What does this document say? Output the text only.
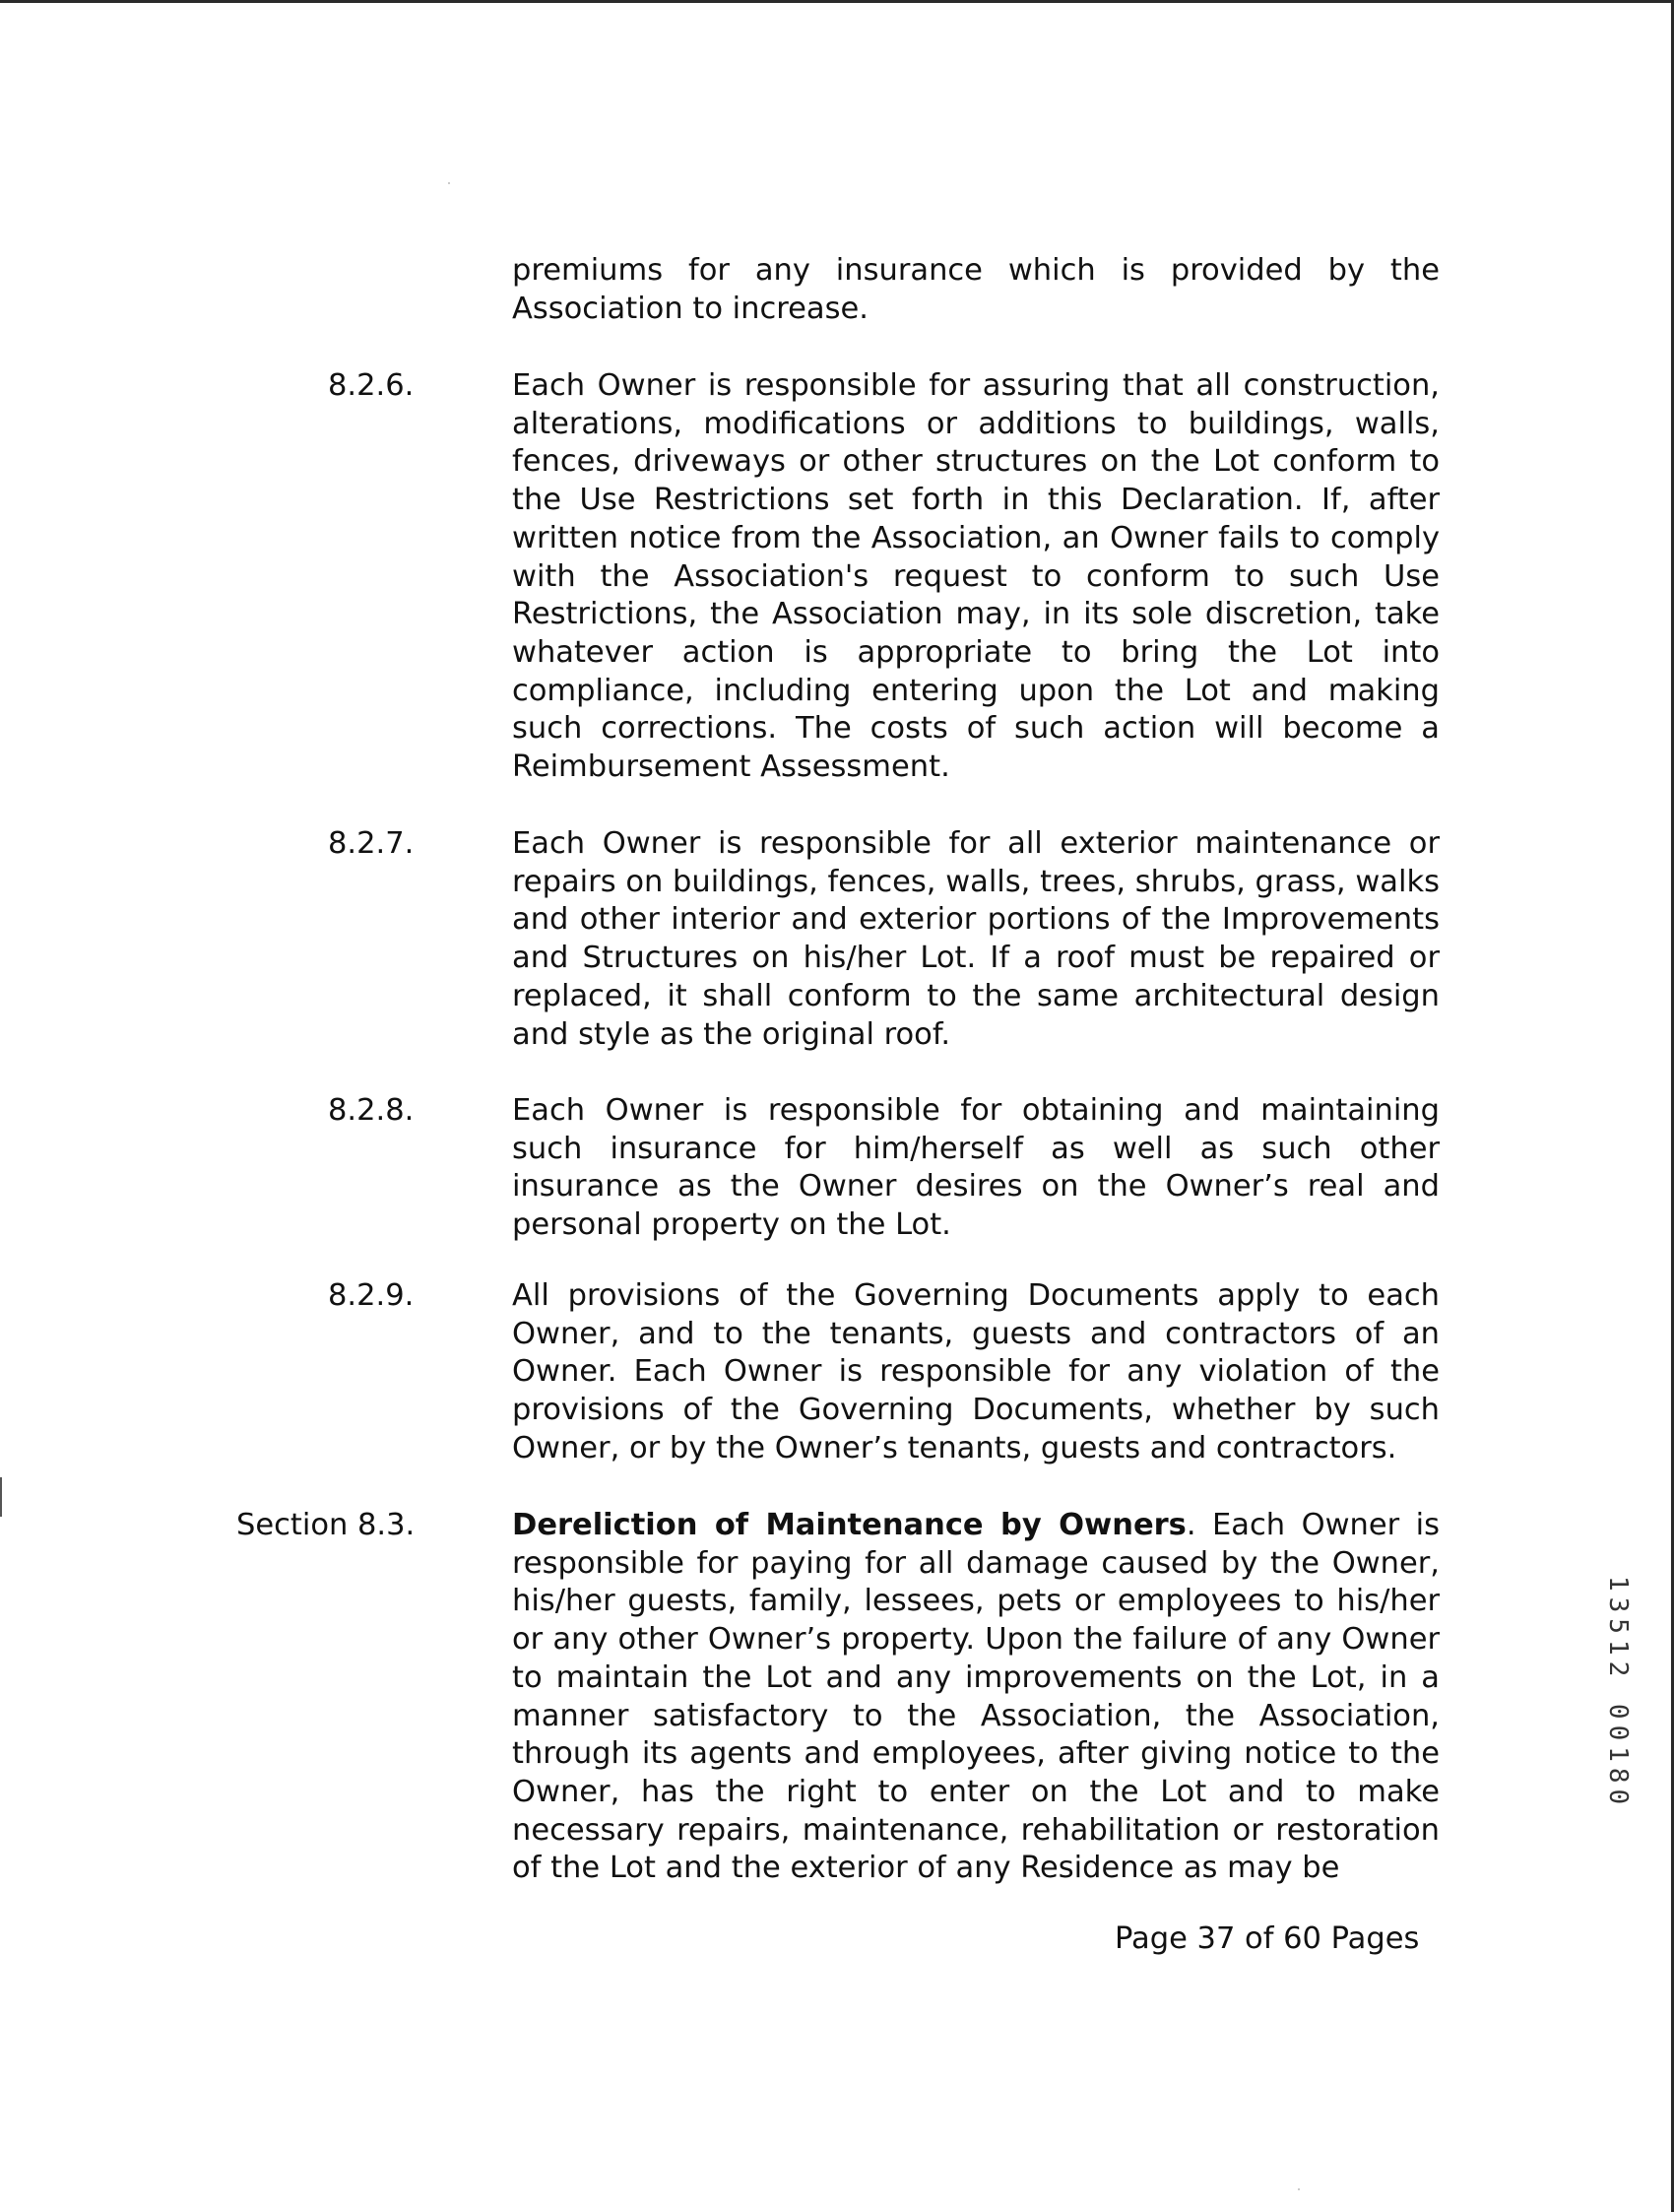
premiums for any insurance which is provided by the Association to increase.

8.2.6.	Each Owner is responsible for assuring that all construction, alterations, modifications or additions to buildings, walls, fences, driveways or other structures on the Lot conform to the Use Restrictions set forth in this Declaration. If, after written notice from the Association, an Owner fails to comply with the Association's request to conform to such Use Restrictions, the Association may, in its sole discretion, take whatever action is appropriate to bring the Lot into compliance, including entering upon the Lot and making such corrections. The costs of such action will become a Reimbursement Assessment.

8.2.7.	Each Owner is responsible for all exterior maintenance or repairs on buildings, fences, walls, trees, shrubs, grass, walks and other interior and exterior portions of the Improvements and Structures on his/her Lot. If a roof must be repaired or replaced, it shall conform to the same architectural design and style as the original roof.

8.2.8.	Each Owner is responsible for obtaining and maintaining such insurance for him/herself as well as such other insurance as the Owner desires on the Owner’s real and personal property on the Lot.

8.2.9.	All provisions of the Governing Documents apply to each Owner, and to the tenants, guests and contractors of an Owner. Each Owner is responsible for any violation of the provisions of the Governing Documents, whether by such Owner, or by the Owner’s tenants, guests and contractors.

Section 8.3.	Dereliction of Maintenance by Owners. Each Owner is responsible for paying for all damage caused by the Owner, his/her guests, family, lessees, pets or employees to his/her or any other Owner’s property. Upon the failure of any Owner to maintain the Lot and any improvements on the Lot, in a manner satisfactory to the Association, the Association, through its agents and employees, after giving notice to the Owner, has the right to enter on the Lot and to make necessary repairs, maintenance, rehabilitation or restoration of the Lot and the exterior of any Residence as may be

Page 37 of 60 Pages
13512 00180
